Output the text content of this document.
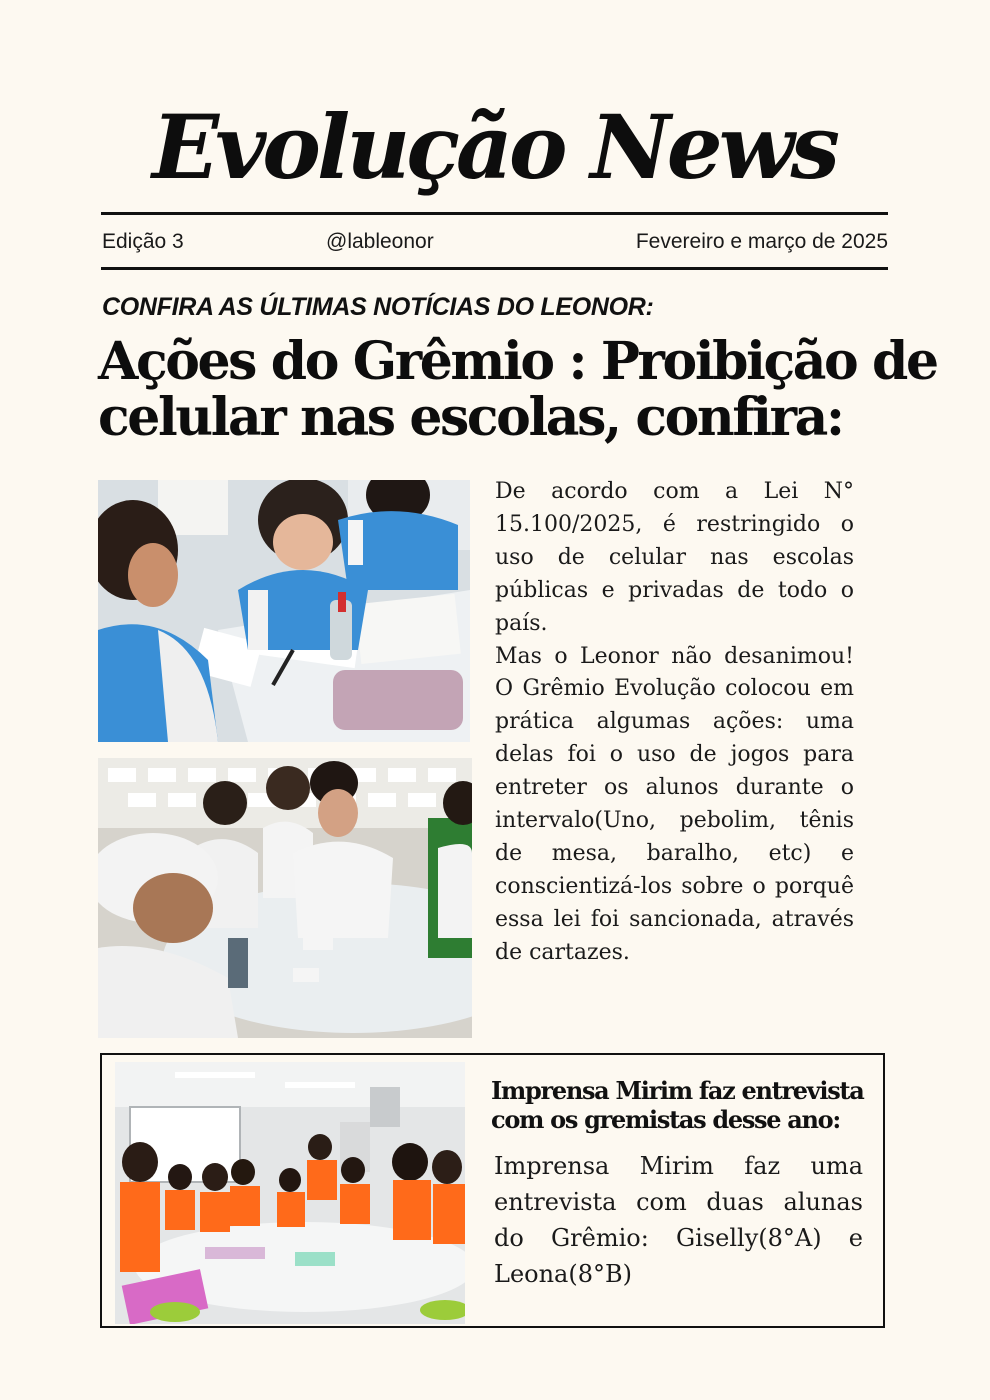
Evolução News
Edição 3	@lableonor	Fevereiro e março de 2025
CONFIRA AS ÚLTIMAS NOTÍCIAS DO LEONOR:
Ações do Grêmio : Proibição de
celular nas escolas, confira:

De acordo com a Lei N° 15.100/2025, é restringido o uso de celular nas escolas públicas e privadas de todo o país.

Mas o Leonor não desanimou! O Grêmio Evolução colocou em prática algumas ações: uma delas foi o uso de jogos para entreter os alunos durante o intervalo(Uno, pebolim, tênis de mesa, baralho, etc) e conscientizá-los sobre o porquê essa lei foi sancionada, através de cartazes.

Imprensa Mirim faz entrevista
com os gremistas desse ano:
Imprensa Mirim faz uma entrevista com duas alunas do Grêmio: Giselly(8°A) e Leona(8°B)
